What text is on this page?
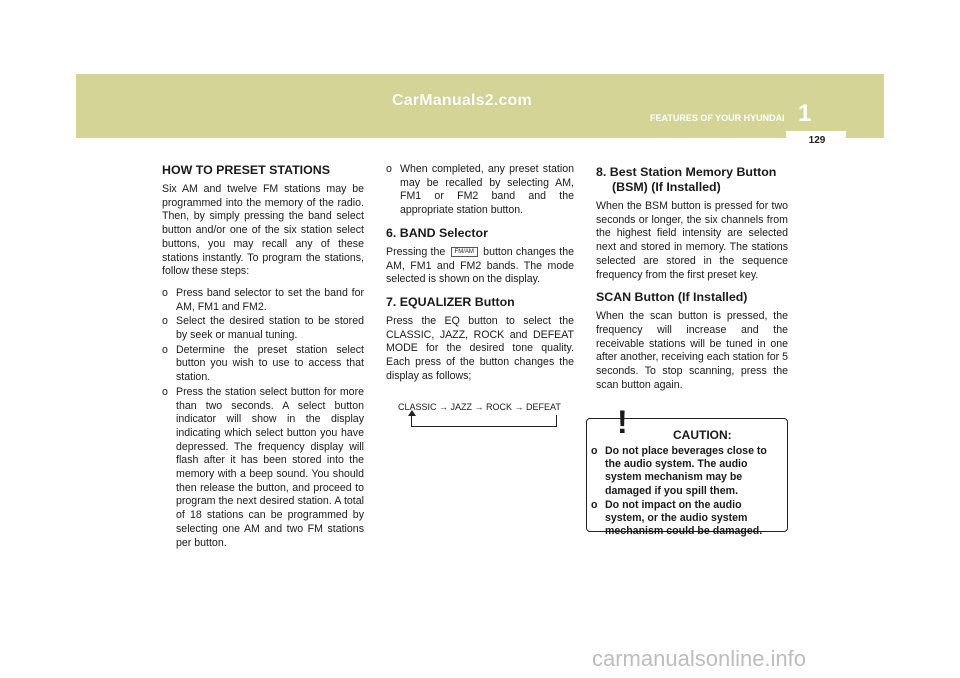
CarManuals2.com	1
FEATURES OF YOUR HYUNDAI
129
HOW TO PRESET STATIONS

Six AM and twelve FM stations may be programmed into the memory of the radio. Then, by simply pressing the band select button and/or one of the six station select buttons, you may recall any of these stations instantly. To program the stations, follow these steps:

o Press band selector to set the band for AM, FM1 and FM2.
o Select the desired station to be stored by seek or manual tuning.
o Determine the preset station select button you wish to use to access that station.
o Press the station select button for more than two seconds. A select button indicator will show in the display indicating which select button you have depressed. The frequency display will flash after it has been stored into the memory with a beep sound. You should then release the button, and proceed to program the next desired station. A total of 18 stations can be programmed by selecting one AM and two FM stations per button.
o When completed, any preset station may be recalled by selecting AM, FM1 or FM2 band and the appropriate station button.
6. BAND Selector

Pressing the FM/AM button changes the AM, FM1 and FM2 bands. The mode selected is shown on the display.

7. EQUALIZER Button

Press the EQ button to select the CLASSIC, JAZZ, ROCK and DEFEAT MODE for the desired tone quality. Each press of the button changes the display as follows;

CLASSIC → JAZZ → ROCK → DEFEAT
8. Best Station Memory Button (BSM) (If Installed)

When the BSM button is pressed for two seconds or longer, the six channels from the highest field intensity are selected next and stored in memory. The stations selected are stored in the sequence frequency from the first preset key.

SCAN Button (If Installed)

When the scan button is pressed, the frequency will increase and the receivable stations will be tuned in one after another, receiving each station for 5 seconds. To stop scanning, press the scan button again.

!	CAUTION:
o Do not place beverages close to the audio system. The audio system mechanism may be damaged if you spill them.
o Do not impact on the audio system, or the audio system mechanism could be damaged.
carmanualsonline.info
